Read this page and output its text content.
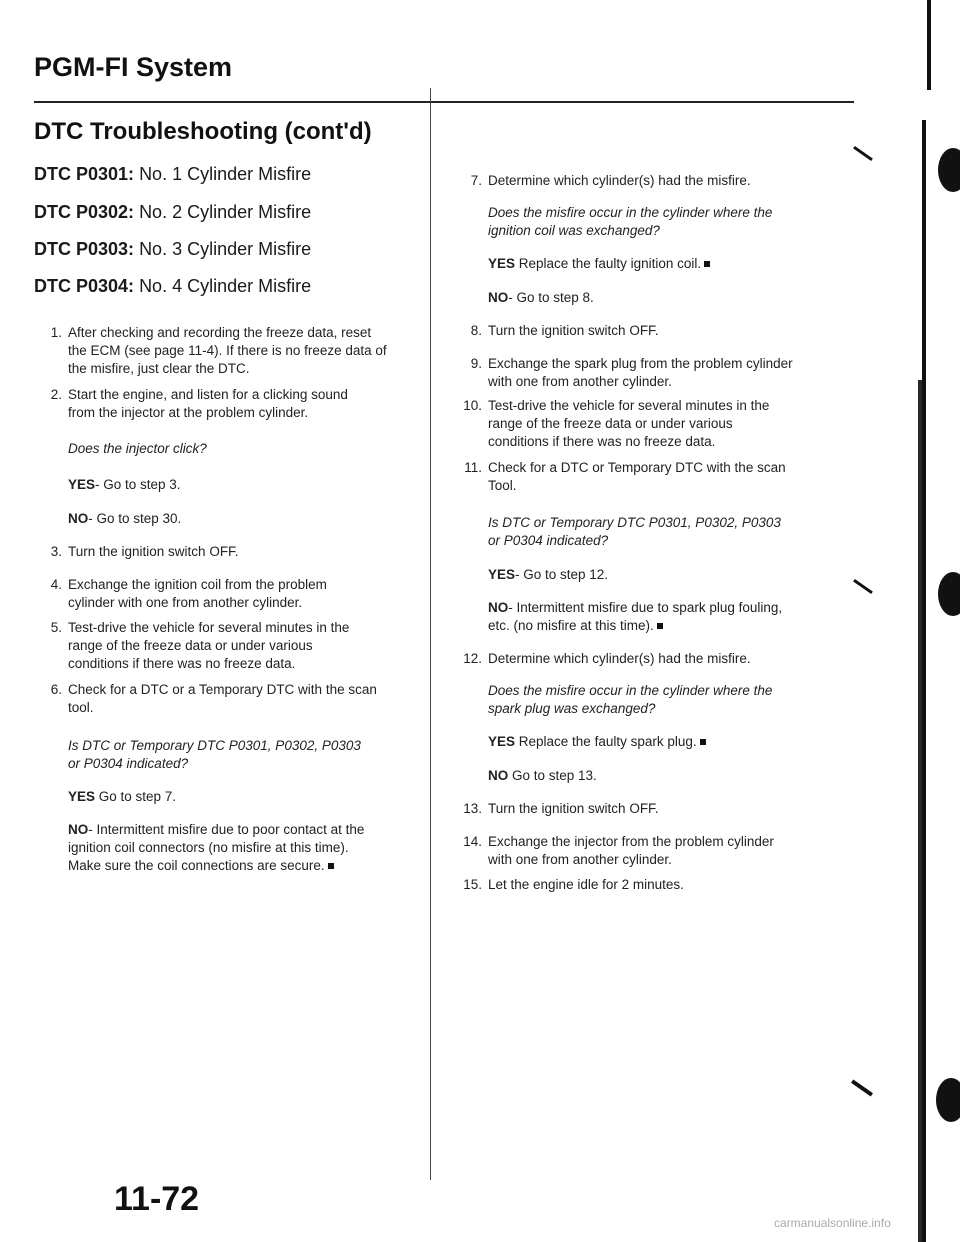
PGM-FI System
DTC Troubleshooting (cont'd)
DTC P0301: No. 1 Cylinder Misfire
DTC P0302: No. 2 Cylinder Misfire
DTC P0303: No. 3 Cylinder Misfire
DTC P0304: No. 4 Cylinder Misfire
1. After checking and recording the freeze data, reset
the ECM (see page 11-4). If there is no freeze data of
the misfire, just clear the DTC.
2. Start the engine, and listen for a clicking sound
from the injector at the problem cylinder.
Does the injector click?
YES- Go to step 3.
NO- Go to step 30.
3. Turn the ignition switch OFF.
4. Exchange the ignition coil from the problem
cylinder with one from another cylinder.
5. Test-drive the vehicle for several minutes in the
range of the freeze data or under various
conditions if there was no freeze data.
6. Check for a DTC or a Temporary DTC with the scan
tool.
Is DTC or Temporary DTC P0301, P0302, P0303
or P0304 indicated?
YES Go to step 7.
NO- Intermittent misfire due to poor contact at the
ignition coil connectors (no misfire at this time).
Make sure the coil connections are secure.
7. Determine which cylinder(s) had the misfire.
Does the misfire occur in the cylinder where the
ignition coil was exchanged?
YES Replace the faulty ignition coil.
NO- Go to step 8.
8. Turn the ignition switch OFF.
9. Exchange the spark plug from the problem cylinder
with one from another cylinder.
10. Test-drive the vehicle for several minutes in the
range of the freeze data or under various
conditions if there was no freeze data.
11. Check for a DTC or Temporary DTC with the scan
Tool.
Is DTC or Temporary DTC P0301, P0302, P0303
or P0304 indicated?
YES- Go to step 12.
NO- Intermittent misfire due to spark plug fouling,
etc. (no misfire at this time).
12. Determine which cylinder(s) had the misfire.
Does the misfire occur in the cylinder where the
spark plug was exchanged?
YES Replace the faulty spark plug.
NO Go to step 13.
13. Turn the ignition switch OFF.
14. Exchange the injector from the problem cylinder
with one from another cylinder.
15. Let the engine idle for 2 minutes.
11-72
carmanualsonline.info
